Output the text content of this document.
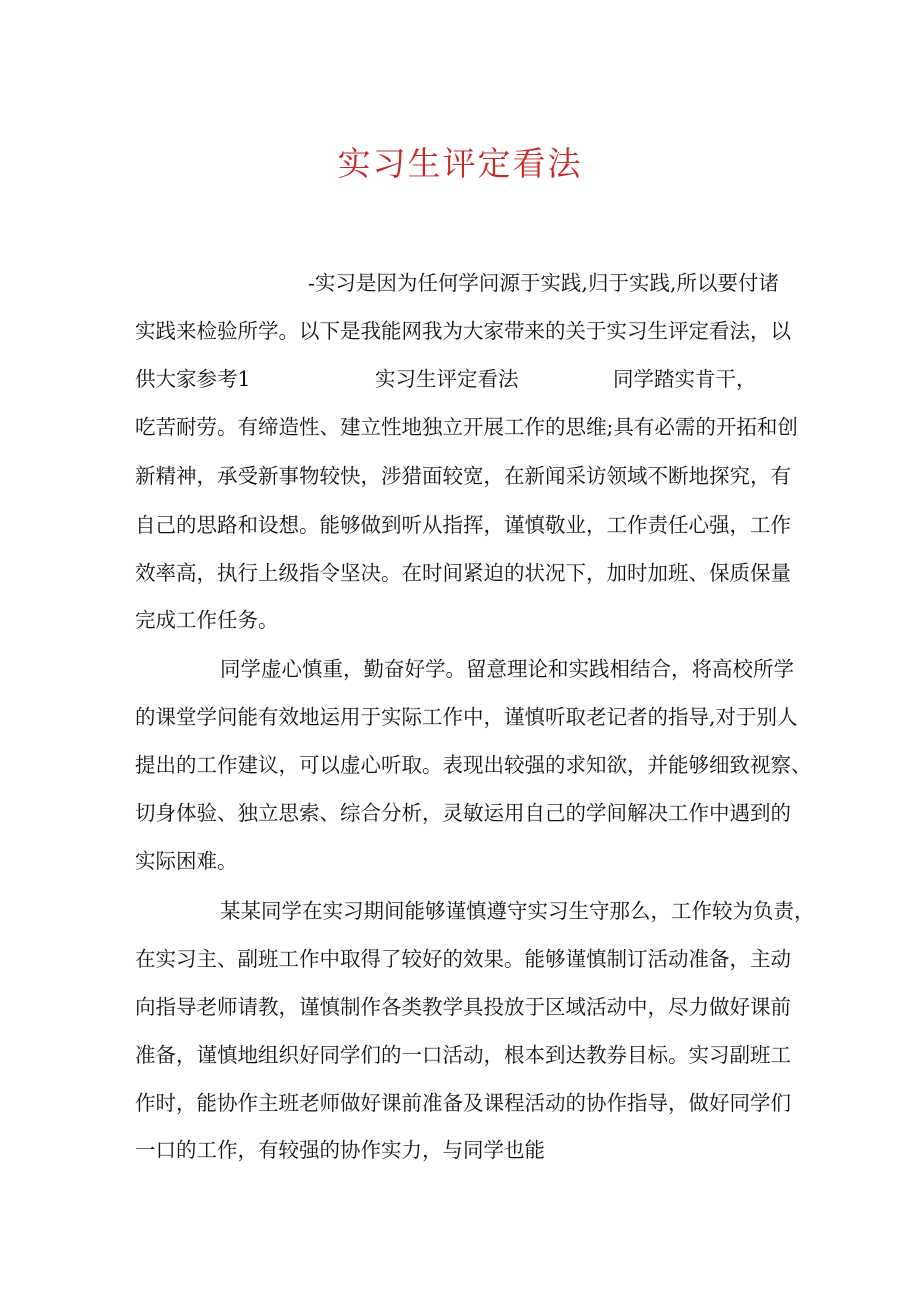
实习生评定看法
-实习是因为任何学问源于实践,归于实践,所以要付诸
实践来检验所学。以下是我能网我为大家带来的关于实习生评定看法，以
供大家参考1	实习生评定看法	同学踏实肯干，
吃苦耐劳。有缔造性、建立性地独立开展工作的思维;具有必需的开拓和创
新精神，承受新事物较快，涉猎面较宽，在新闻采访领域不断地探究，有
自己的思路和设想。能够做到听从指挥，谨慎敬业，工作责任心强，工作
效率高，执行上级指令坚决。在时间紧迫的状况下，加时加班、保质保量
完成工作任务。
同学虚心慎重，勤奋好学。留意理论和实践相结合，将高校所学
的课堂学问能有效地运用于实际工作中，谨慎听取老记者的指导,对于别人
提出的工作建议，可以虚心听取。表现出较强的求知欲，并能够细致视察、
切身体验、独立思索、综合分析，灵敏运用自己的学间解决工作中遇到的
实际困难。
某某同学在实习期间能够谨慎遵守实习生守那么，工作较为负责，
在实习主、副班工作中取得了较好的效果。能够谨慎制订活动准备，主动
向指导老师请教，谨慎制作各类教学具投放于区域活动中，尽力做好课前
准备，谨慎地组织好同学们的一口活动，根本到达教券目标。实习副班工
作时，能协作主班老师做好课前准备及课程活动的协作指导，做好同学们
一口的工作，有较强的协作实力，与同学也能
